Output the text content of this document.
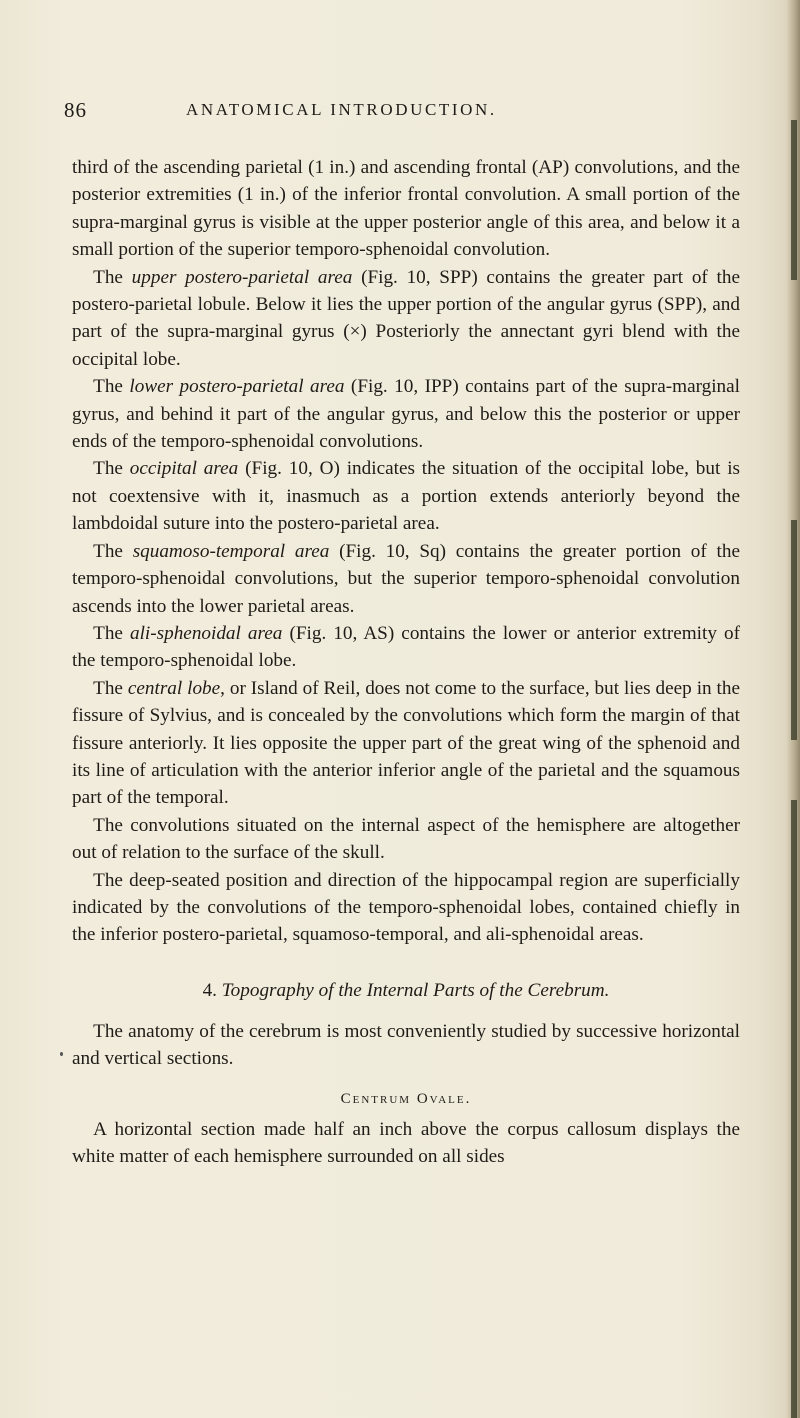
86	ANATOMICAL INTRODUCTION.

third of the ascending parietal (1 in.) and ascending frontal (AP) convolutions, and the posterior extremities (1 in.) of the inferior frontal convolution. A small portion of the supra-marginal gyrus is visible at the upper posterior angle of this area, and below it a small portion of the superior temporo-sphenoidal convolution.

The upper postero-parietal area (Fig. 10, SPP) contains the greater part of the postero-parietal lobule. Below it lies the upper portion of the angular gyrus (SPP), and part of the supra-marginal gyrus (×) Posteriorly the annectant gyri blend with the occipital lobe.

The lower postero-parietal area (Fig. 10, IPP) contains part of the supra-marginal gyrus, and behind it part of the angular gyrus, and below this the posterior or upper ends of the temporo-sphenoidal convolutions.

The occipital area (Fig. 10, O) indicates the situation of the occipital lobe, but is not coextensive with it, inasmuch as a portion extends anteriorly beyond the lambdoidal suture into the postero-parietal area.

The squamoso-temporal area (Fig. 10, Sq) contains the greater portion of the temporo-sphenoidal convolutions, but the superior temporo-sphenoidal convolution ascends into the lower parietal areas.

The ali-sphenoidal area (Fig. 10, AS) contains the lower or anterior extremity of the temporo-sphenoidal lobe.

The central lobe, or Island of Reil, does not come to the surface, but lies deep in the fissure of Sylvius, and is concealed by the convolutions which form the margin of that fissure anteriorly. It lies opposite the upper part of the great wing of the sphenoid and its line of articulation with the anterior inferior angle of the parietal and the squamous part of the temporal.

The convolutions situated on the internal aspect of the hemisphere are altogether out of relation to the surface of the skull.

The deep-seated position and direction of the hippocampal region are superficially indicated by the convolutions of the temporo-sphenoidal lobes, contained chiefly in the inferior postero-parietal, squamoso-temporal, and ali-sphenoidal areas.

4. Topography of the Internal Parts of the Cerebrum.

The anatomy of the cerebrum is most conveniently studied by successive horizontal and vertical sections.

Centrum Ovale.

A horizontal section made half an inch above the corpus callosum displays the white matter of each hemisphere surrounded on all sides
